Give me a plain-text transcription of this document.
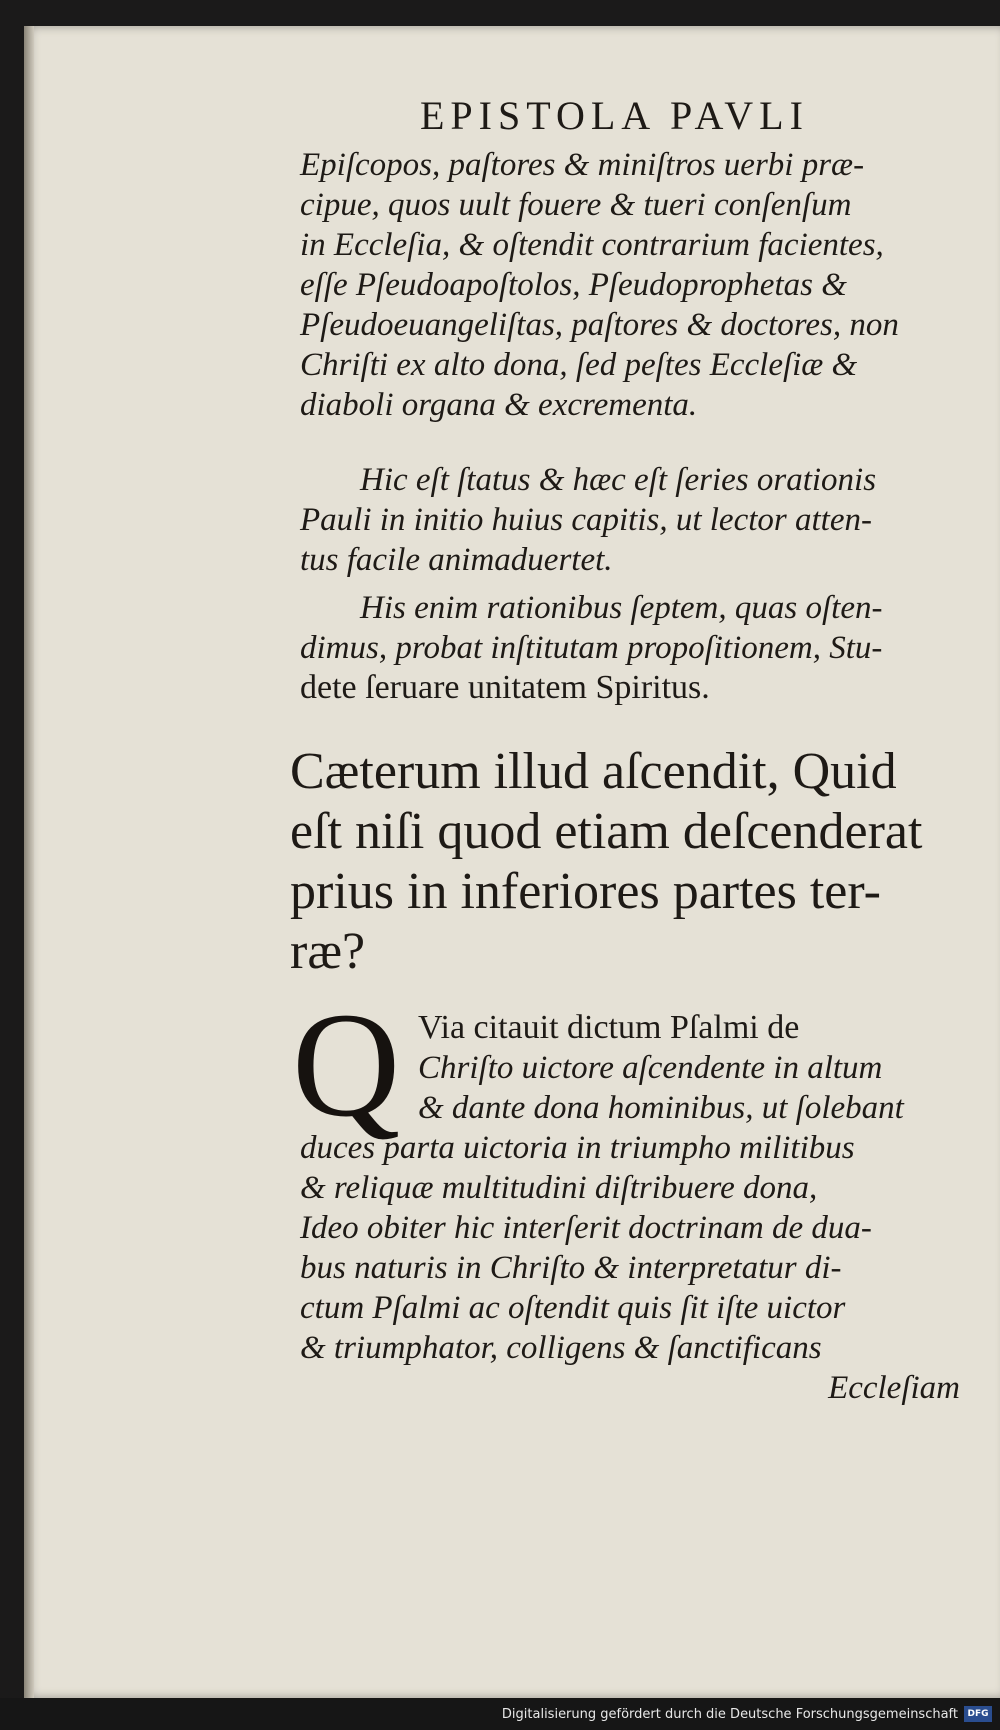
EPISTOLA PAVLI
Epiſcopos, paſtores & miniſtros uerbi præ-
cipue, quos uult fouere & tueri conſenſum
in Eccleſia, & oſtendit contrarium facientes,
eſſe Pſeudoapoſtolos, Pſeudoprophetas &
Pſeudoeuangeliſtas, paſtores & doctores, non
Chriſti ex alto dona, ſed peſtes Eccleſiæ &
diaboli organa & excrementa.
Hic eſt ſtatus & hæc eſt ſeries orationis
Pauli in initio huius capitis, ut lector atten-
tus facile animaduertet.
His enim rationibus ſeptem, quas oſten-
dimus, probat inſtitutam propoſitionem, Stu-
dete ſeruare unitatem Spiritus.
Cæterum illud aſcendit, Quid
eſt niſi quod etiam deſcenderat
prius in inferiores partes ter-
ræ?
Q Via citauit dictum Pſalmi de
Chriſto uictore aſcendente in altum
& dante dona hominibus, ut ſolebant
duces parta uictoria in triumpho militibus
& reliquæ multitudini diſtribuere dona,
Ideo obiter hic interſerit doctrinam de dua-
bus naturis in Chriſto & interpretatur di-
ctum Pſalmi ac oſtendit quis ſit iſte uictor
& triumphator, colligens & ſanctificans
Eccleſiam
Digitalisierung gefördert durch die Deutsche Forschungsgemeinschaft	DFG
